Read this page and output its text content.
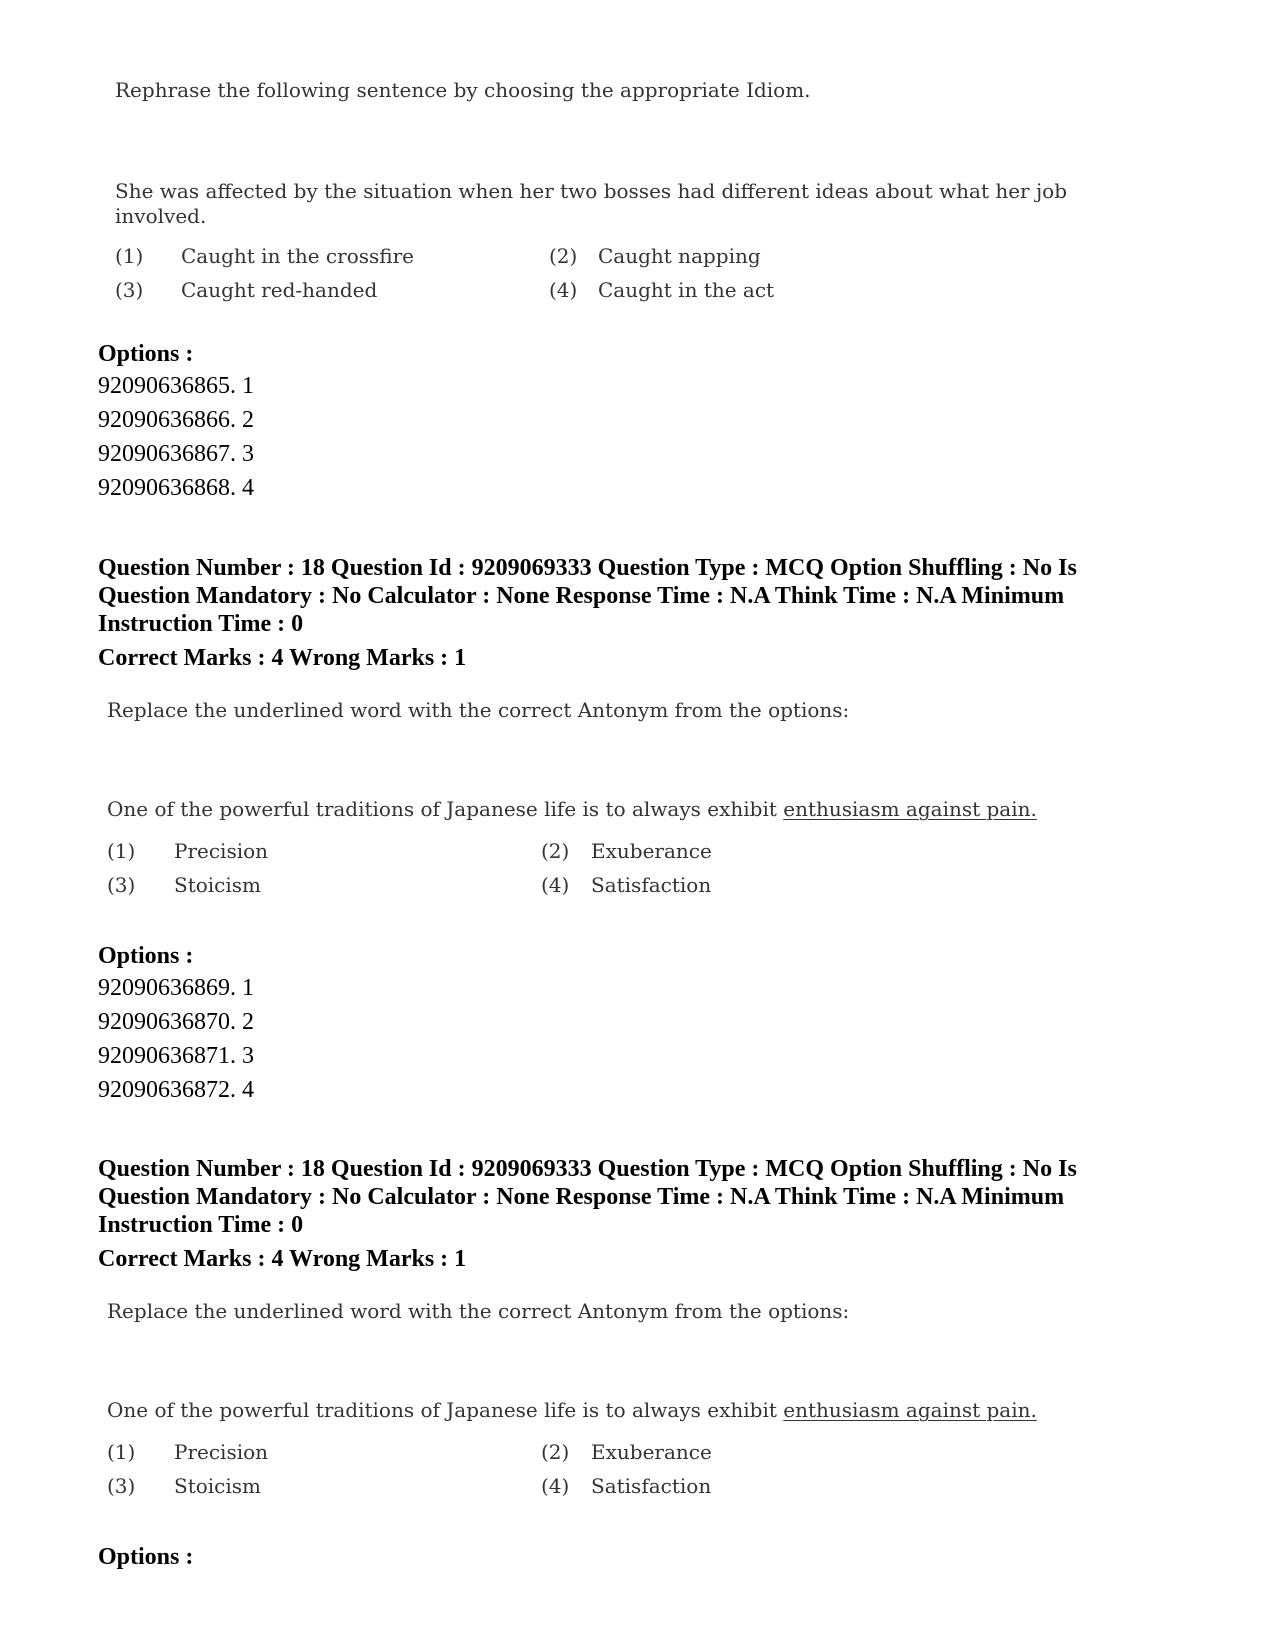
Rephrase the following sentence by choosing the appropriate Idiom.
She was affected by the situation when her two bosses had different ideas about what her job
involved.
(1) Caught in the crossfire	(2) Caught napping
(3) Caught red-handed	(4) Caught in the act
Options :
92090636865. 1
92090636866. 2
92090636867. 3
92090636868. 4
Question Number : 18 Question Id : 9209069333 Question Type : MCQ Option Shuffling : No Is
Question Mandatory : No Calculator : None Response Time : N.A Think Time : N.A Minimum
Instruction Time : 0
Correct Marks : 4 Wrong Marks : 1
Replace the underlined word with the correct Antonym from the options:
One of the powerful traditions of Japanese life is to always exhibit enthusiasm against pain.
(1) Precision	(2) Exuberance
(3) Stoicism	(4) Satisfaction
Options :
92090636869. 1
92090636870. 2
92090636871. 3
92090636872. 4
Question Number : 18 Question Id : 9209069333 Question Type : MCQ Option Shuffling : No Is
Question Mandatory : No Calculator : None Response Time : N.A Think Time : N.A Minimum
Instruction Time : 0
Correct Marks : 4 Wrong Marks : 1
Replace the underlined word with the correct Antonym from the options:
One of the powerful traditions of Japanese life is to always exhibit enthusiasm against pain.
(1) Precision	(2) Exuberance
(3) Stoicism	(4) Satisfaction
Options :
